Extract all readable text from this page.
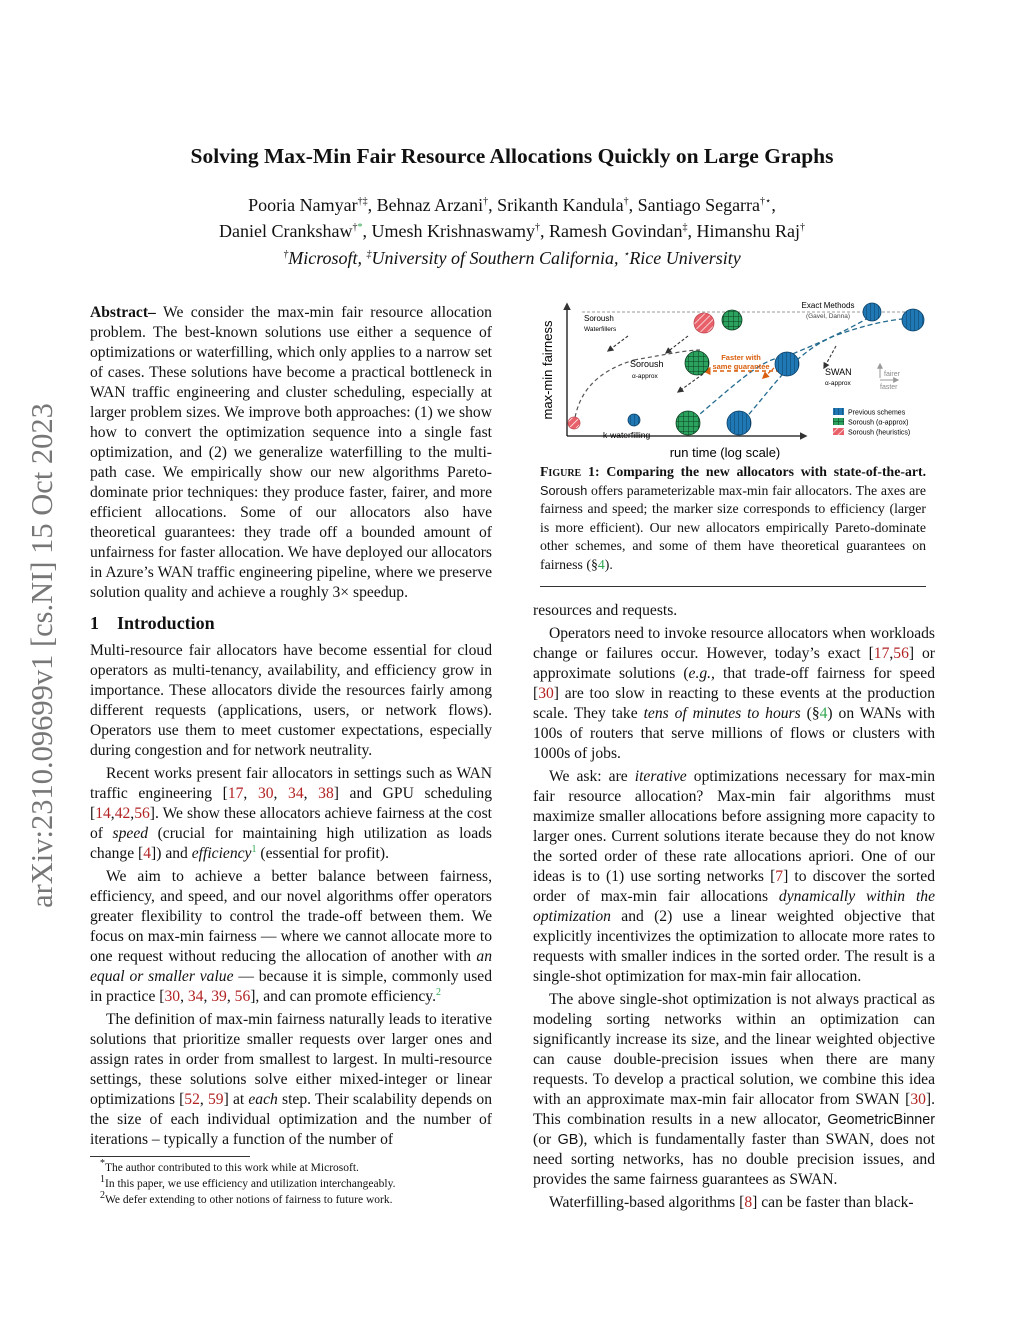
arXiv:2310.09699v1 [cs.NI] 15 Oct 2023
Solving Max-Min Fair Resource Allocations Quickly on Large Graphs
Pooria Namyar†‡, Behnaz Arzani†, Srikanth Kandula†, Santiago Segarra†⋆,
Daniel Crankshaw†*, Umesh Krishnaswamy†, Ramesh Govindan‡, Himanshu Raj†
†Microsoft, ‡University of Southern California, ⋆Rice University

Abstract– We consider the max-min fair resource allocation problem. The best-known solutions use either a sequence of optimizations or waterfilling, which only applies to a narrow set of cases. These solutions have become a practical bottleneck in WAN traffic engineering and cluster scheduling, especially at larger problem sizes. We improve both approaches: (1) we show how to convert the optimization sequence into a single fast optimization, and (2) we generalize waterfilling to the multi-path case. We empirically show our new algorithms Pareto-dominate prior techniques: they produce faster, fairer, and more efficient allocations. Some of our allocators also have theoretical guarantees: they trade off a bounded amount of unfairness for faster allocation. We have deployed our allocators in Azure’s WAN traffic engineering pipeline, where we preserve solution quality and achieve a roughly 3× speedup.

1 Introduction

Multi-resource fair allocators have become essential for cloud operators as multi-tenancy, availability, and efficiency grow in importance. These allocators divide the resources fairly among different requests (applications, users, or network flows). Operators use them to meet customer expectations, especially during congestion and for network neutrality.

Recent works present fair allocators in settings such as WAN traffic engineering [17, 30, 34, 38] and GPU scheduling [14,42,56]. We show these allocators achieve fairness at the cost of speed (crucial for maintaining high utilization as loads change [4]) and efficiency$^1$ (essential for profit).

We aim to achieve a better balance between fairness, efficiency, and speed, and our novel algorithms offer operators greater flexibility to control the trade-off between them. We focus on max-min fairness — where we cannot allocate more to one request without reducing the allocation of another with an equal or smaller value — because it is simple, commonly used in practice [30, 34, 39, 56], and can promote efficiency.$^2$

The definition of max-min fairness naturally leads to iterative solutions that prioritize smaller requests over larger ones and assign rates in order from smallest to largest. In multi-resource settings, these solutions solve either mixed-integer or linear optimizations [52, 59] at each step. Their scalability depends on the size of each individual optimization and the number of iterations – typically a function of the number of

*The author contributed to this work while at Microsoft.

$^1$In this paper, we use efficiency and utilization interchangeably.

$^2$We defer extending to other notions of fairness to future work.

max-min fairness
run time (log scale)
Exact Methods
(Gavel, Danna)
Soroush
Waterfillers
Soroush
α-approx
Faster with
same guarantee
SWAN
α-approx
k-waterfilling
fairer
faster
Previous schemes
Soroush (α-approx)
Soroush (heuristics)
Figure 1: Comparing the new allocators with state-of-the-art. Soroush offers parameterizable max-min fair allocators. The axes are fairness and speed; the marker size corresponds to efficiency (larger is more efficient). Our new allocators empirically Pareto-dominate other schemes, and some of them have theoretical guarantees on fairness (§4).

resources and requests.

Operators need to invoke resource allocators when workloads change or failures occur. However, today’s exact [17,56] or approximate solutions (e.g., that trade-off fairness for speed [30] are too slow in reacting to these events at the production scale. They take tens of minutes to hours (§4) on WANs with 100s of routers that serve millions of flows or clusters with 1000s of jobs.

We ask: are iterative optimizations necessary for max-min fair resource allocation? Max-min fair algorithms must maximize smaller allocations before assigning more capacity to larger ones. Current solutions iterate because they do not know the sorted order of these rate allocations apriori. One of our ideas is to (1) use sorting networks [7] to discover the sorted order of max-min fair allocations dynamically within the optimization and (2) use a linear weighted objective that explicitly incentivizes the optimization to allocate more rates to requests with smaller indices in the sorted order. The result is a single-shot optimization for max-min fair allocation.

The above single-shot optimization is not always practical as modeling sorting networks within an optimization can significantly increase its size, and the linear weighted objective can cause double-precision issues when there are many requests. To develop a practical solution, we combine this idea with an approximate max-min fair allocator from SWAN [30]. This combination results in a new allocator, GeometricBinner (or GB), which is fundamentally faster than SWAN, does not need sorting networks, has no double precision issues, and provides the same fairness guarantees as SWAN.

Waterfilling-based algorithms [8] can be faster than black-
